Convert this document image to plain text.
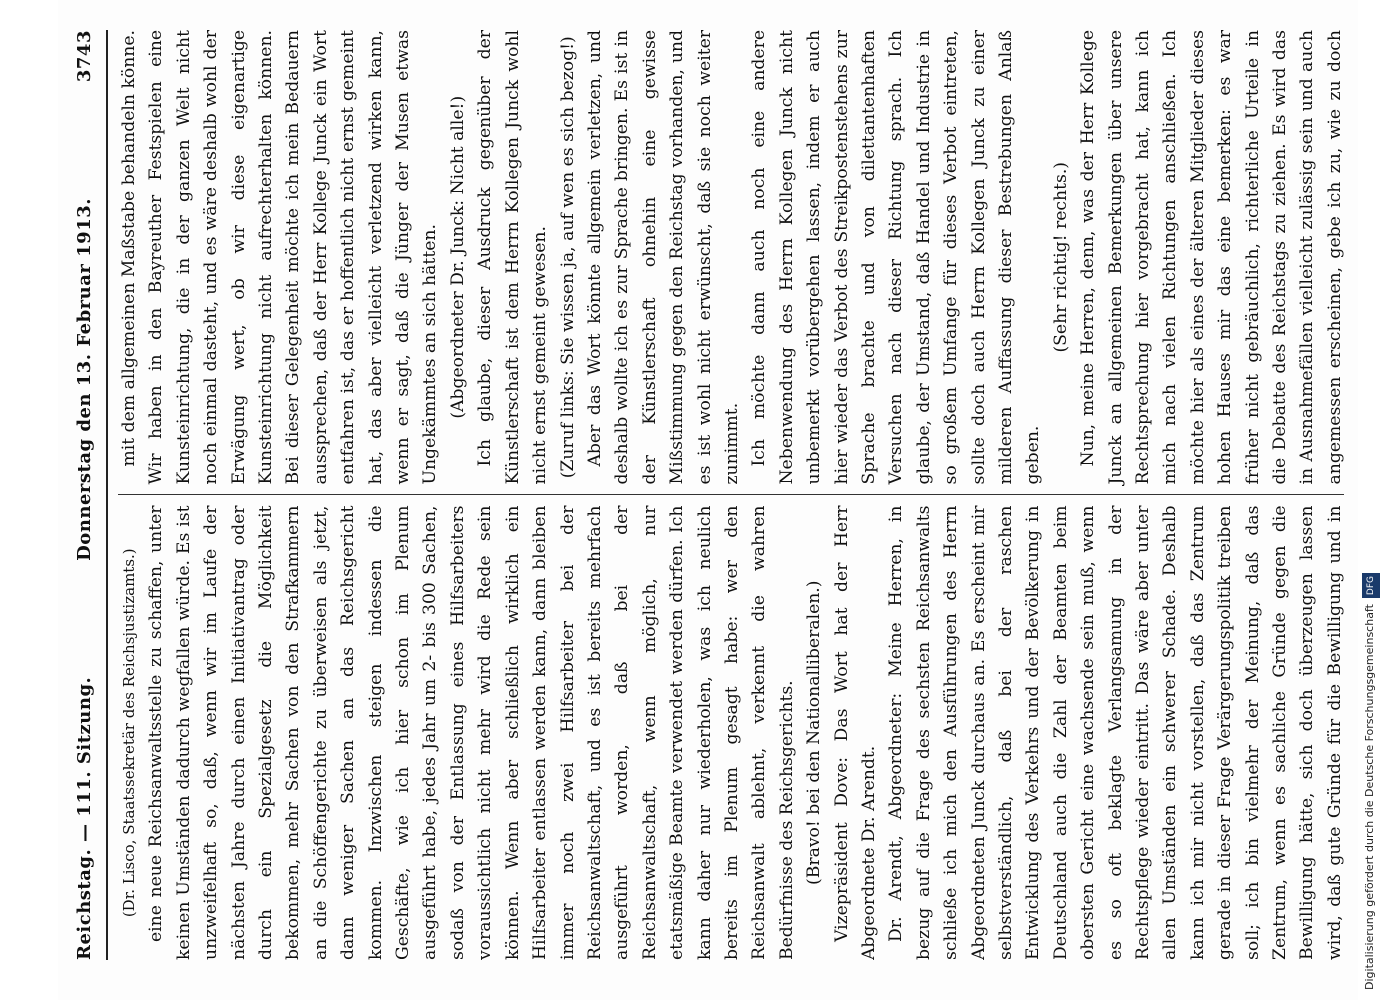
Reichstag. — 111. Sitzung.
Donnerstag den 13. Februar 1913.
3743

(Dr. Lisco, Staatssekretär des Reichsjustizamts.) eine neue Reichsanwaltsstelle zu schaffen, unter keinen Umständen dadurch wegfallen würde. Es ist unzweifelhaft so, daß, wenn wir im Laufe der nächsten Jahre durch einen Initiativantrag oder durch ein Spezialgesetz die Möglichkeit bekommen, mehr Sachen von den Strafkammern an die Schöffengerichte zu überweisen als jetzt, dann weniger Sachen an das Reichsgericht kommen. Inzwischen steigen indessen die Geschäfte, wie ich hier schon im Plenum ausgeführt habe, jedes Jahr um 2- bis 300 Sachen, sodaß von der Entlassung eines Hilfsarbeiters voraussichtlich nicht mehr wird die Rede sein können. Wenn aber schließlich wirklich ein Hilfsarbeiter entlassen werden kann, dann bleiben immer noch zwei Hilfsarbeiter bei der Reichsanwaltschaft, und es ist bereits mehrfach ausgeführt worden, daß bei der Reichsanwaltschaft, wenn möglich, nur etatsmäßige Beamte verwendet werden dürfen. Ich kann daher nur wiederholen, was ich neulich bereits im Plenum gesagt habe: wer den Reichsanwalt ablehnt, verkennt die wahren Bedürfnisse des Reichsgerichts. (Bravo! bei den Nationalliberalen.) Vizepräsident Dove: Das Wort hat der Herr Abgeordnete Dr. Arendt. Dr. Arendt, Abgeordneter: Meine Herren, in bezug auf die Frage des sechsten Reichsanwalts schließe ich mich den Ausführungen des Herrn Abgeordneten Junck durchaus an. Es erscheint mir selbstverständlich, daß bei der raschen Entwicklung des Verkehrs und der Bevölkerung in Deutschland auch die Zahl der Beamten beim obersten Gericht eine wachsende sein muß, wenn es so oft beklagte Verlangsamung in der Rechtspflege wieder eintritt. Das wäre aber unter allen Umständen ein schwerer Schade. Deshalb kann ich mir nicht vorstellen, daß das Zentrum gerade in dieser Frage Verärgerungspolitik treiben soll; ich bin vielmehr der Meinung, daß das Zentrum, wenn es sachliche Gründe gegen die Bewilligung hätte, sich doch überzeugen lassen wird, daß gute Gründe für die Bewilligung und in

mit dem allgemeinen Maßstabe behandeln könne. Wir haben in den Bayreuther Festspielen eine Kunsteinrichtung, die in der ganzen Welt nicht noch einmal dasteht, und es wäre deshalb wohl der Erwägung wert, ob wir diese eigenartige Kunsteinrichtung nicht aufrechterhalten können. Bei dieser Gelegenheit möchte ich mein Bedauern aussprechen, daß der Herr Kollege Junck ein Wort entfahren ist, das er hoffentlich nicht ernst gemeint hat, das aber vielleicht verletzend wirken kann, wenn er sagt, daß die Jünger der Musen etwas Ungekämmtes an sich hätten. (Abgeordneter Dr. Junck: Nicht alle!) Ich glaube, dieser Ausdruck gegenüber der Künstlerschaft ist dem Herrn Kollegen Junck wohl nicht ernst gemeint gewesen. (Zuruf links: Sie wissen ja, auf wen es sich bezog!) Aber das Wort könnte allgemein verletzen, und deshalb wollte ich es zur Sprache bringen. Es ist in der Künstlerschaft ohnehin eine gewisse Mißstimmung gegen den Reichstag vorhanden, und es ist wohl nicht erwünscht, daß sie noch weiter zunimmt. Ich möchte dann auch noch eine andere Nebenwendung des Herrn Kollegen Junck nicht unbemerkt vorübergehen lassen, indem er auch hier wieder das Verbot des Streikpostenstehens zur Sprache brachte und von dilettantenhaften Versuchen nach dieser Richtung sprach. Ich glaube, der Umstand, daß Handel und Industrie in so großem Umfange für dieses Verbot eintreten, sollte doch auch Herrn Kollegen Junck zu einer milderen Auffassung dieser Bestrebungen Anlaß geben.

(Sehr richtig! rechts.)

Nun, meine Herren, denn, was der Herr Kollege Junck an allgemeinen Bemerkungen über unsere Rechtsprechung hier vorgebracht hat, kann ich mich nach vielen Richtungen anschließen. Ich möchte hier als eines der älteren Mitglieder dieses hohen Hauses mir das eine bemerken: es war früher nicht gebräuchlich, richterliche Urteile in die Debatte des Reichstags zu ziehen. Es wird das in Ausnahmefällen vielleicht zulässig sein und auch angemessen erscheinen, gebe ich zu, wie zu doch

Digitalisierung gefördert durch die Deutsche ForschungsgemeinschaftDFG
